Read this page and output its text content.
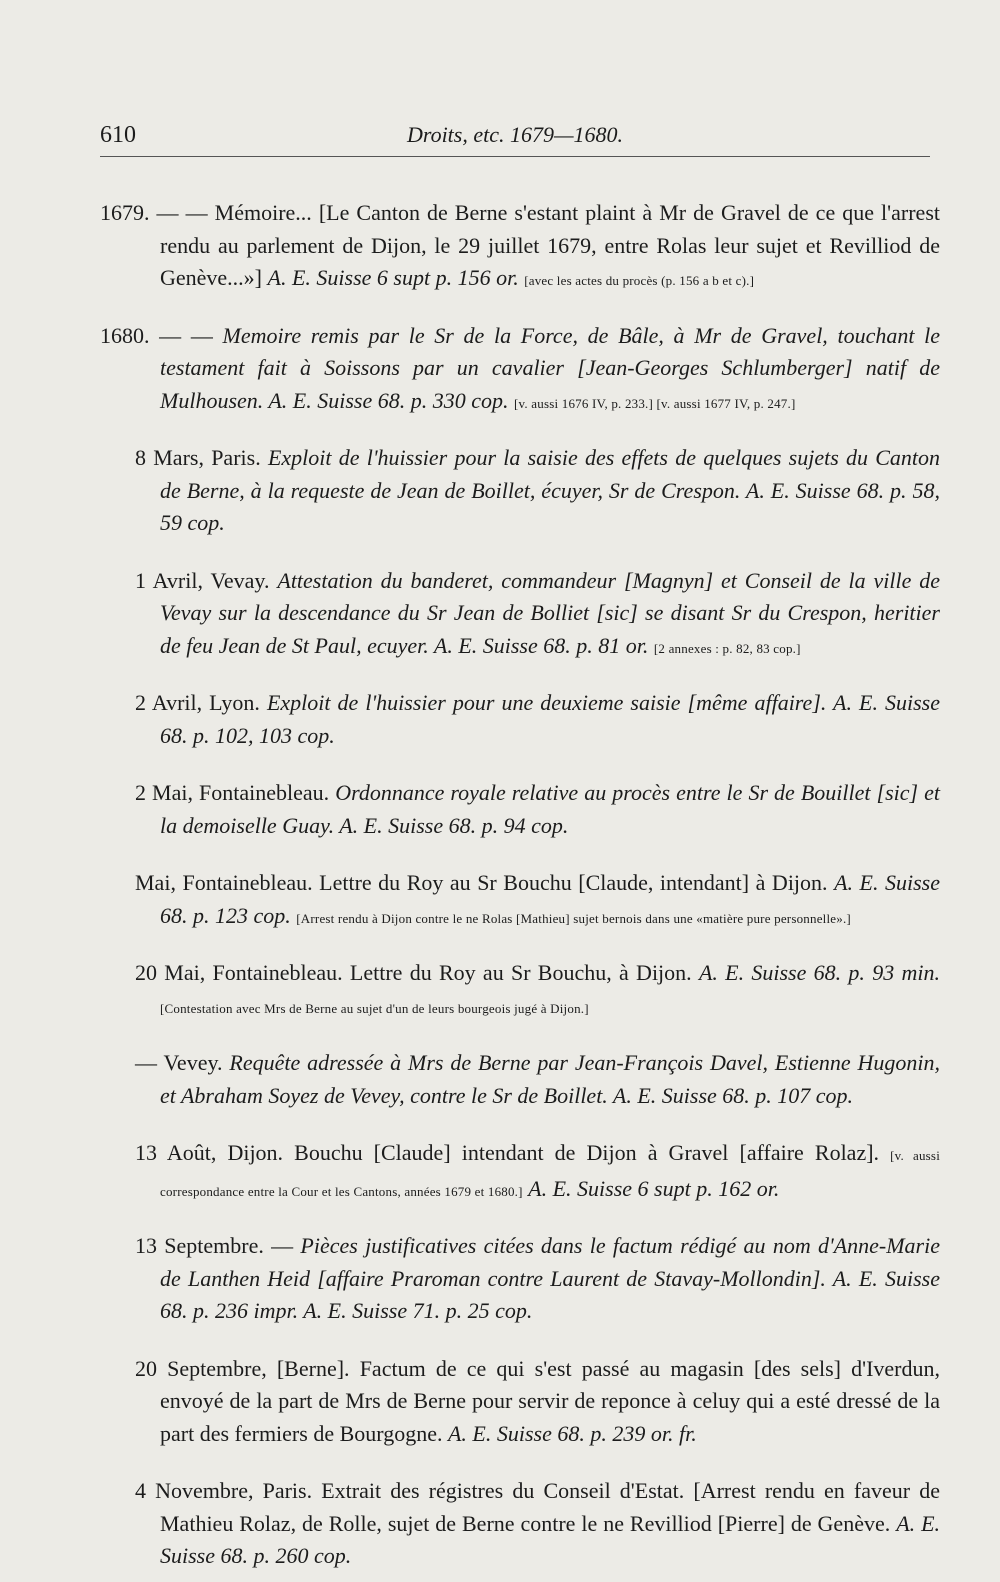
610	Droits, etc. 1679—1680.

1679. — — Mémoire... [Le Canton de Berne s'estant plaint à Mr de Gravel de ce que l'arrest rendu au parlement de Dijon, le 29 juillet 1679, entre Rolas leur sujet et Revilliod de Genève...»] A. E. Suisse 6 supt p. 156 or. [avec les actes du procès (p. 156 a b et c).]

1680. — — Memoire remis par le Sr de la Force, de Bâle, à Mr de Gravel, touchant le testament fait à Soissons par un cavalier [Jean-Georges Schlumberger] natif de Mulhousen. A. E. Suisse 68. p. 330 cop. [v. aussi 1676 IV, p. 233.] [v. aussi 1677 IV, p. 247.]

8 Mars, Paris. Exploit de l'huissier pour la saisie des effets de quelques sujets du Canton de Berne, à la requeste de Jean de Boillet, écuyer, Sr de Crespon. A. E. Suisse 68. p. 58, 59 cop.

1 Avril, Vevay. Attestation du banderet, commandeur [Magnyn] et Conseil de la ville de Vevay sur la descendance du Sr Jean de Bolliet [sic] se disant Sr du Crespon, heritier de feu Jean de St Paul, ecuyer. A. E. Suisse 68. p. 81 or. [2 annexes : p. 82, 83 cop.]

2 Avril, Lyon. Exploit de l'huissier pour une deuxieme saisie [même affaire]. A. E. Suisse 68. p. 102, 103 cop.

2 Mai, Fontainebleau. Ordonnance royale relative au procès entre le Sr de Bouillet [sic] et la demoiselle Guay. A. E. Suisse 68. p. 94 cop.

Mai, Fontainebleau. Lettre du Roy au Sr Bouchu [Claude, intendant] à Dijon. A. E. Suisse 68. p. 123 cop. [Arrest rendu à Dijon contre le ne Rolas [Mathieu] sujet bernois dans une «matière pure personnelle».]

20 Mai, Fontainebleau. Lettre du Roy au Sr Bouchu, à Dijon. A. E. Suisse 68. p. 93 min. [Contestation avec Mrs de Berne au sujet d'un de leurs bourgeois jugé à Dijon.]

— Vevey. Requête adressée à Mrs de Berne par Jean-François Davel, Estienne Hugonin, et Abraham Soyez de Vevey, contre le Sr de Boillet. A. E. Suisse 68. p. 107 cop.

13 Août, Dijon. Bouchu [Claude] intendant de Dijon à Gravel [affaire Rolaz]. [v. aussi correspondance entre la Cour et les Cantons, années 1679 et 1680.] A. E. Suisse 6 supt p. 162 or.

13 Septembre. — Pièces justificatives citées dans le factum rédigé au nom d'Anne-Marie de Lanthen Heid [affaire Praroman contre Laurent de Stavay-Mollondin]. A. E. Suisse 68. p. 236 impr. A. E. Suisse 71. p. 25 cop.

20 Septembre, [Berne]. Factum de ce qui s'est passé au magasin [des sels] d'Iverdun, envoyé de la part de Mrs de Berne pour servir de reponce à celuy qui a esté dressé de la part des fermiers de Bourgogne. A. E. Suisse 68. p. 239 or. fr.

4 Novembre, Paris. Extrait des régistres du Conseil d'Estat. [Arrest rendu en faveur de Mathieu Rolaz, de Rolle, sujet de Berne contre le ne Revilliod [Pierre] de Genève. A. E. Suisse 68. p. 260 cop.
